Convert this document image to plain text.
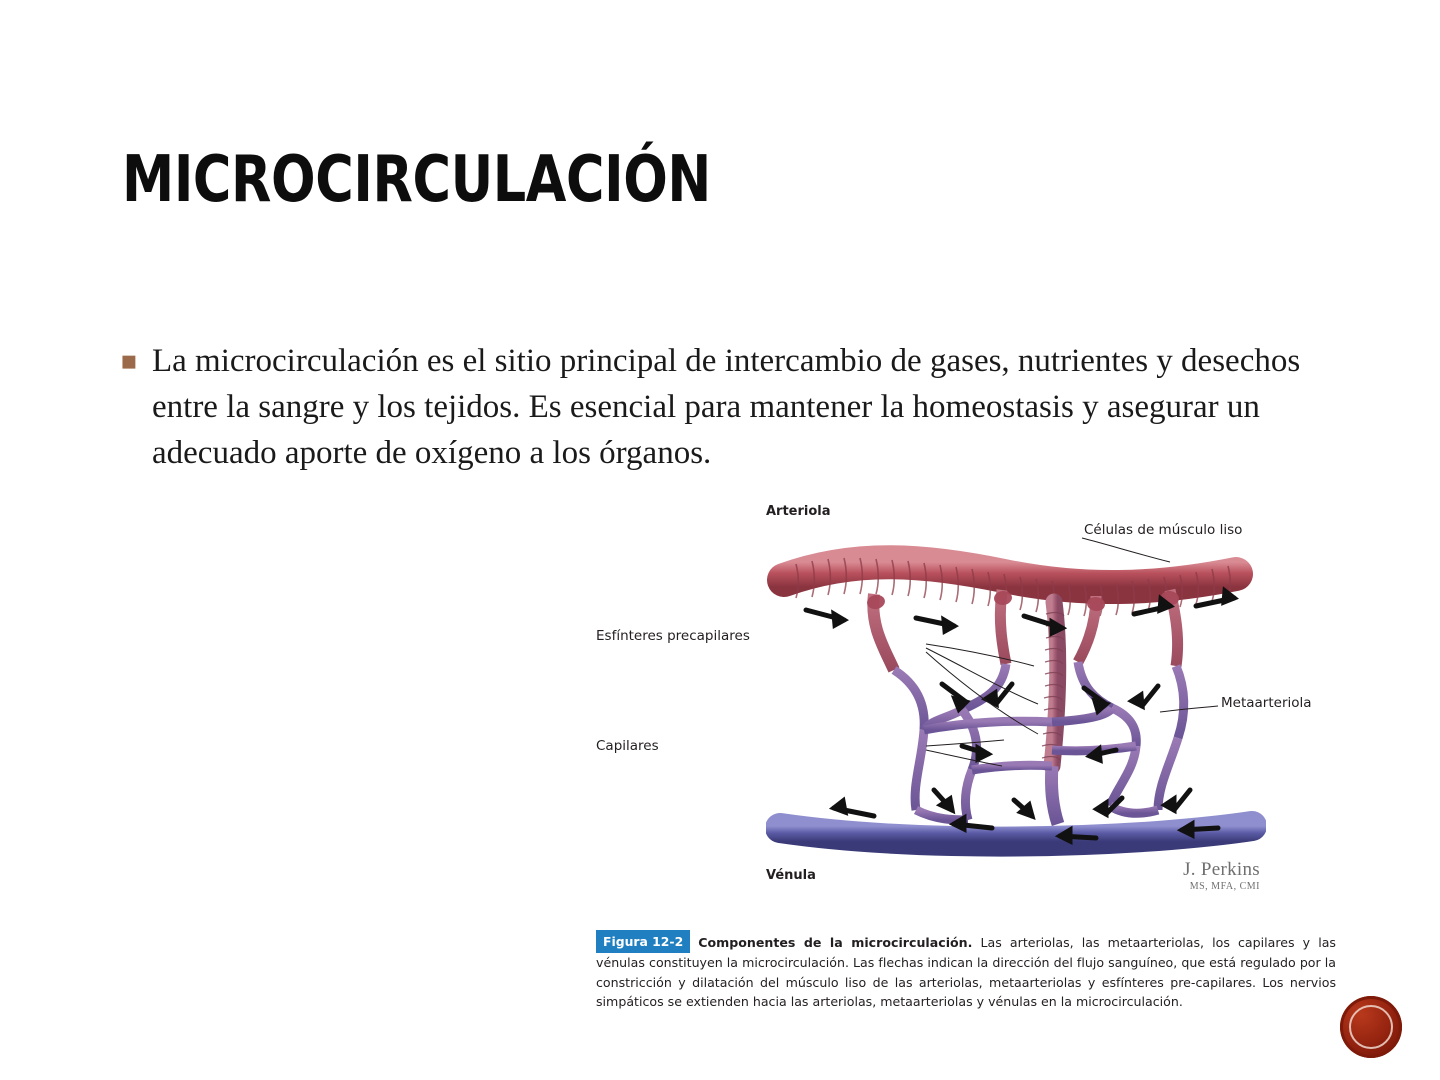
MICROCIRCULACIÓN
▪ La microcirculación es el sitio principal de intercambio de gases, nutrientes y desechos entre la sangre y los tejidos. Es esencial para mantener la homeostasis y asegurar un adecuado aporte de oxígeno a los órganos.
Arteriola
Células de músculo liso
Esfínteres precapilares
Metaarteriola
Capilares
Vénula	J. Perkins
MS, MFA, CMI
Figura 12-2 Componentes de la microcirculación. Las arteriolas, las metaarteriolas, los capilares y las vénulas constituyen la microcirculación. Las flechas indican la dirección del flujo sanguíneo, que está regulado por la constricción y dilatación del músculo liso de las arteriolas, metaarteriolas y esfínteres pre-capilares. Los nervios simpáticos se extienden hacia las arteriolas, metaarteriolas y vénulas en la microcirculación.
